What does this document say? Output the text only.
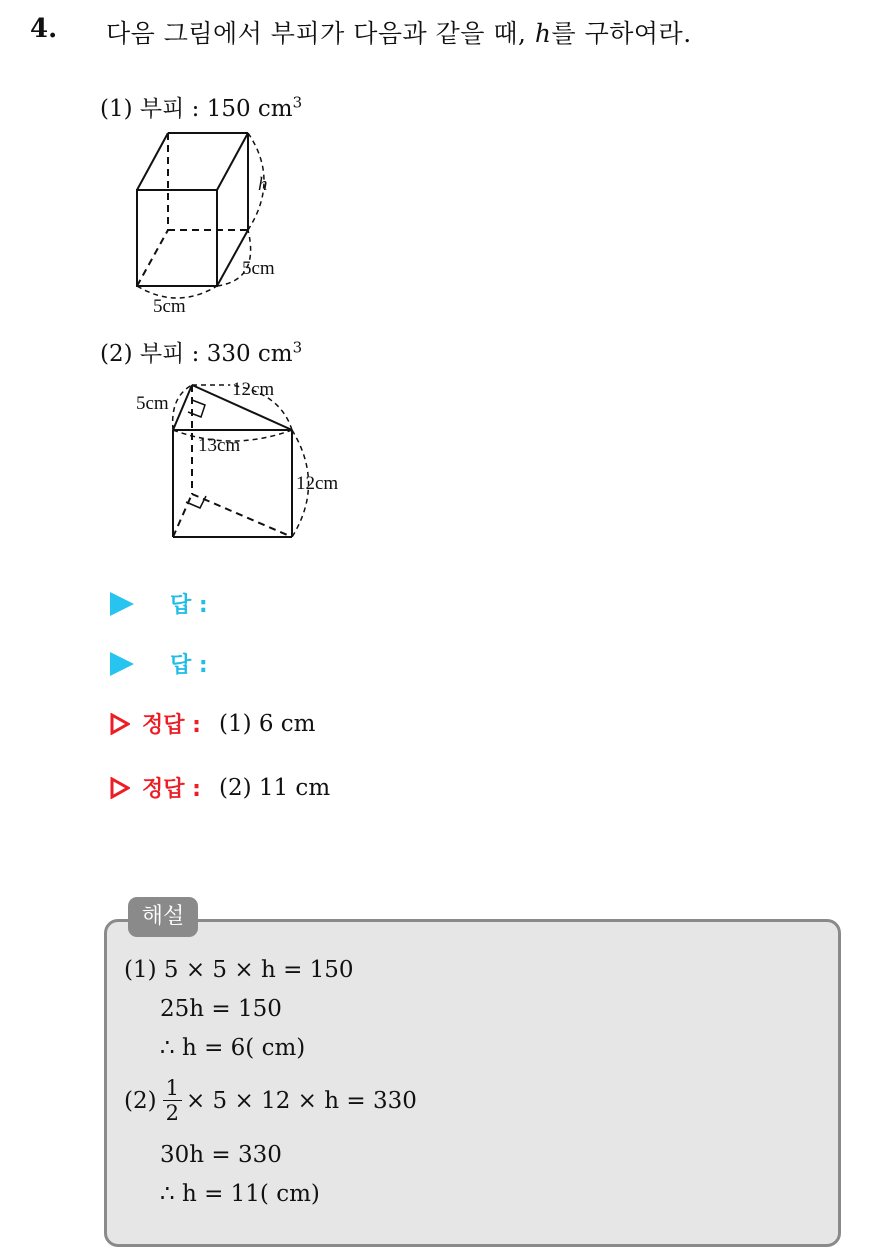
4. 다음 그림에서 부피가 다음과 같을 때, h를 구하여라.
(1) 부피 : 150 $cm^3$
h
5cm
5cm
(2) 부피 : 330 $cm^3$
5cm
12cm
13cm
12cm
답 :
답 :
정답 : (1) 6 cm
정답 : (2) 11 cm
해설
(1) 5 × 5 × h = 150
25h = 150
∴ h = 6( cm)
$(2) \frac{1}{2} \times 5 \times 12 \times h = 330$
30h = 330
∴ h = 11( cm)
